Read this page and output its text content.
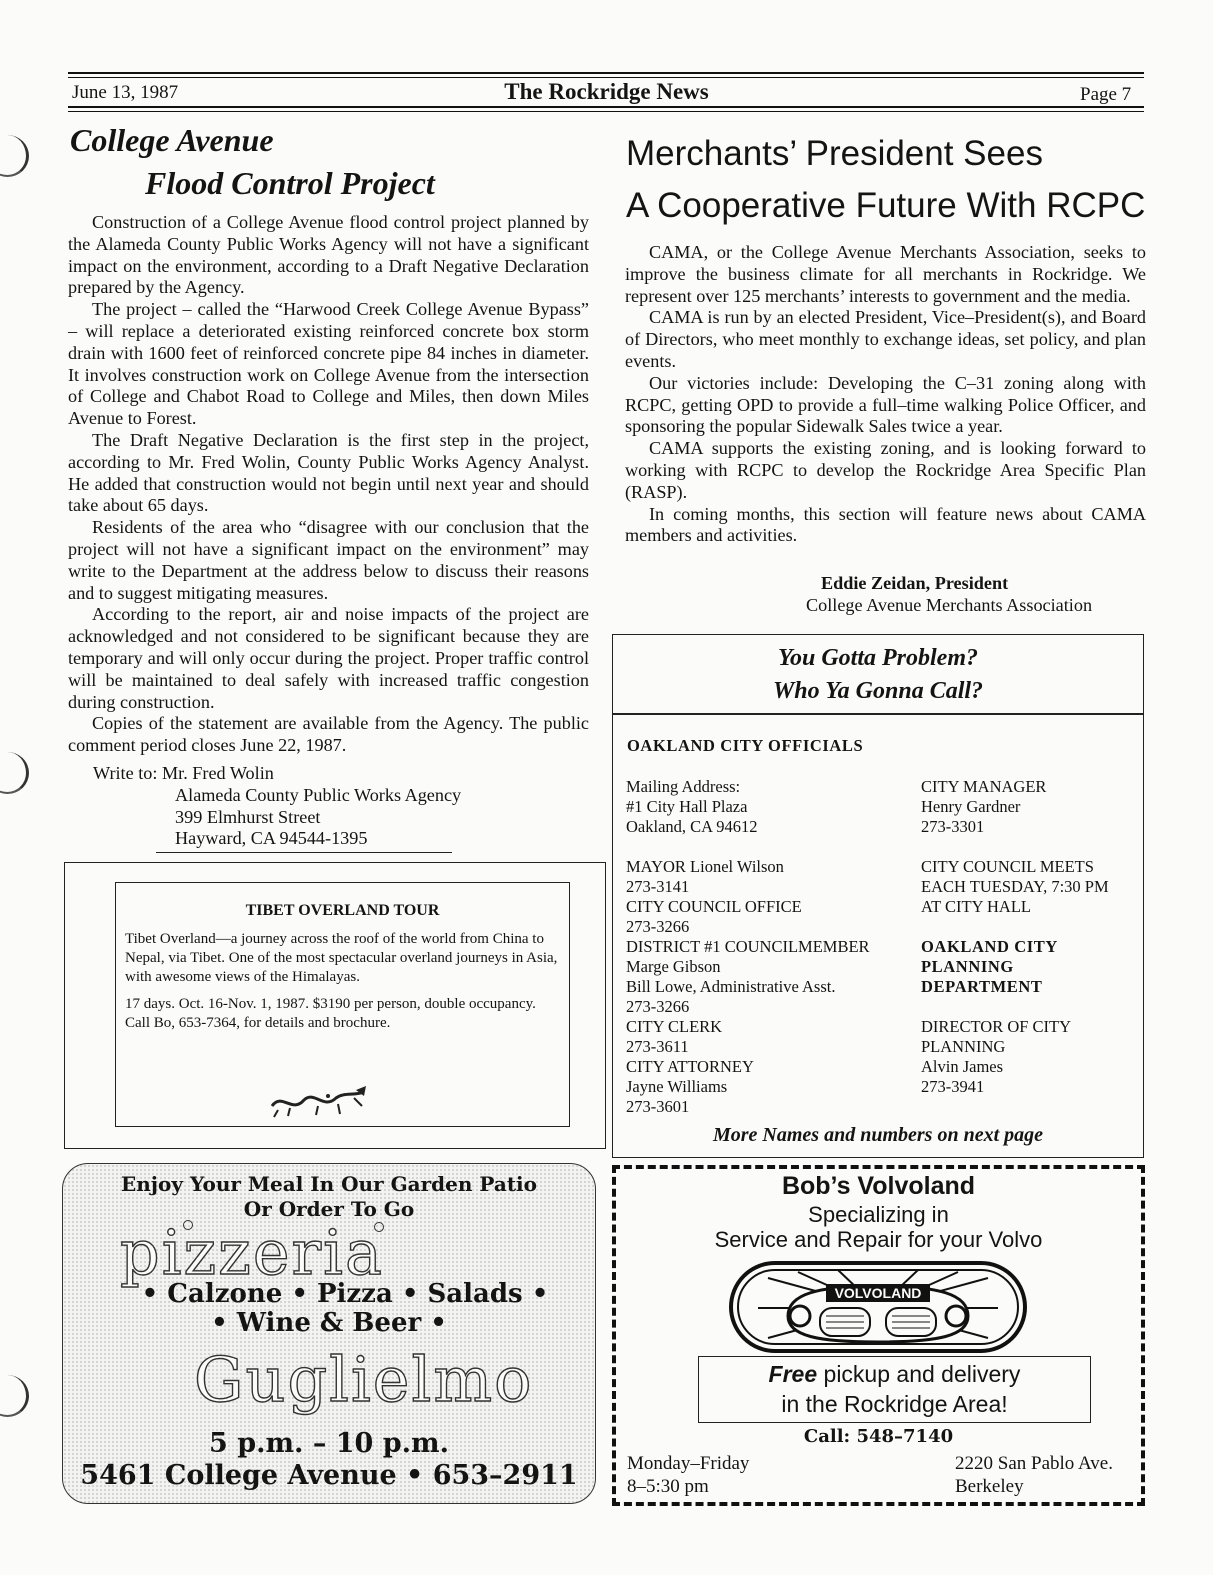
June 13, 1987	The Rockridge News	Page 7
College Avenue
Flood Control Project

Construction of a College Avenue flood control project planned by the Alameda County Public Works Agency will not have a significant impact on the environment, according to a Draft Negative Declaration prepared by the Agency.

The project – called the “Harwood Creek College Avenue Bypass” – will replace a deteriorated existing reinforced concrete box storm drain with 1600 feet of reinforced concrete pipe 84 inches in diameter. It involves construction work on College Avenue from the intersection of College and Chabot Road to College and Miles, then down Miles Avenue to Forest.

The Draft Negative Declaration is the first step in the project, according to Mr. Fred Wolin, County Public Works Agency Analyst. He added that construction would not begin until next year and should take about 65 days.

Residents of the area who “disagree with our conclusion that the project will not have a significant impact on the environment” may write to the Department at the address below to discuss their reasons and to suggest mitigating measures.

According to the report, air and noise impacts of the project are acknowledged and not considered to be significant because they are temporary and will only occur during the project. Proper traffic control will be maintained to deal safely with increased traffic congestion during construction.

Copies of the statement are available from the Agency. The public comment period closes June 22, 1987.

Write to: Mr. Fred Wolin
Alameda County Public Works Agency
399 Elmhurst Street
Hayward, CA 94544-1395
TIBET OVERLAND TOUR

Tibet Overland—a journey across the roof of the world from China to Nepal, via Tibet. One of the most spectacular overland journeys in Asia, with awesome views of the Himalayas.

17 days. Oct. 16-Nov. 1, 1987. $3190 per person, double occupancy. Call Bo, 653-7364, for details and brochure.

Merchants’ President Sees
A Cooperative Future With RCPC

CAMA, or the College Avenue Merchants Association, seeks to improve the business climate for all merchants in Rockridge. We represent over 125 merchants’ interests to government and the media.

CAMA is run by an elected President, Vice–President(s), and Board of Directors, who meet monthly to exchange ideas, set policy, and plan events.

Our victories include: Developing the C–31 zoning along with RCPC, getting OPD to provide a full–time walking Police Officer, and sponsoring the popular Sidewalk Sales twice a year.

CAMA supports the existing zoning, and is looking forward to working with RCPC to develop the Rockridge Area Specific Plan (RASP).

In coming months, this section will feature news about CAMA members and activities.

Eddie Zeidan, President
College Avenue Merchants Association
You Gotta Problem?
Who Ya Gonna Call?
OAKLAND CITY OFFICIALS
Mailing Address:
#1 City Hall Plaza
Oakland, CA 94612
MAYOR Lionel Wilson
273-3141
CITY COUNCIL OFFICE
273-3266
DISTRICT #1 COUNCILMEMBER
Marge Gibson
Bill Lowe, Administrative Asst.
273-3266
CITY CLERK
273-3611
CITY ATTORNEY
Jayne Williams
273-3601
CITY MANAGER
Henry Gardner
273-3301
CITY COUNCIL MEETS
EACH TUESDAY, 7:30 PM
AT CITY HALL
OAKLAND CITY
PLANNING
DEPARTMENT
DIRECTOR OF CITY
PLANNING
Alvin James
273-3941
More Names and numbers on next page
Enjoy Your Meal In Our Garden Patio
Or Order To Go
pizzeria
• Calzone • Pizza • Salads •
• Wine & Beer •
Guglielmo
5 p.m. – 10 p.m.
5461 College Avenue • 653–2911
Bob’s Volvoland
Specializing in
Service and Repair for your Volvo
VOLVOLAND
Free pickup and delivery
in the Rockridge Area!
Call: 548–7140
Monday–Friday
8–5:30 pm
2220 San Pablo Ave.
Berkeley
